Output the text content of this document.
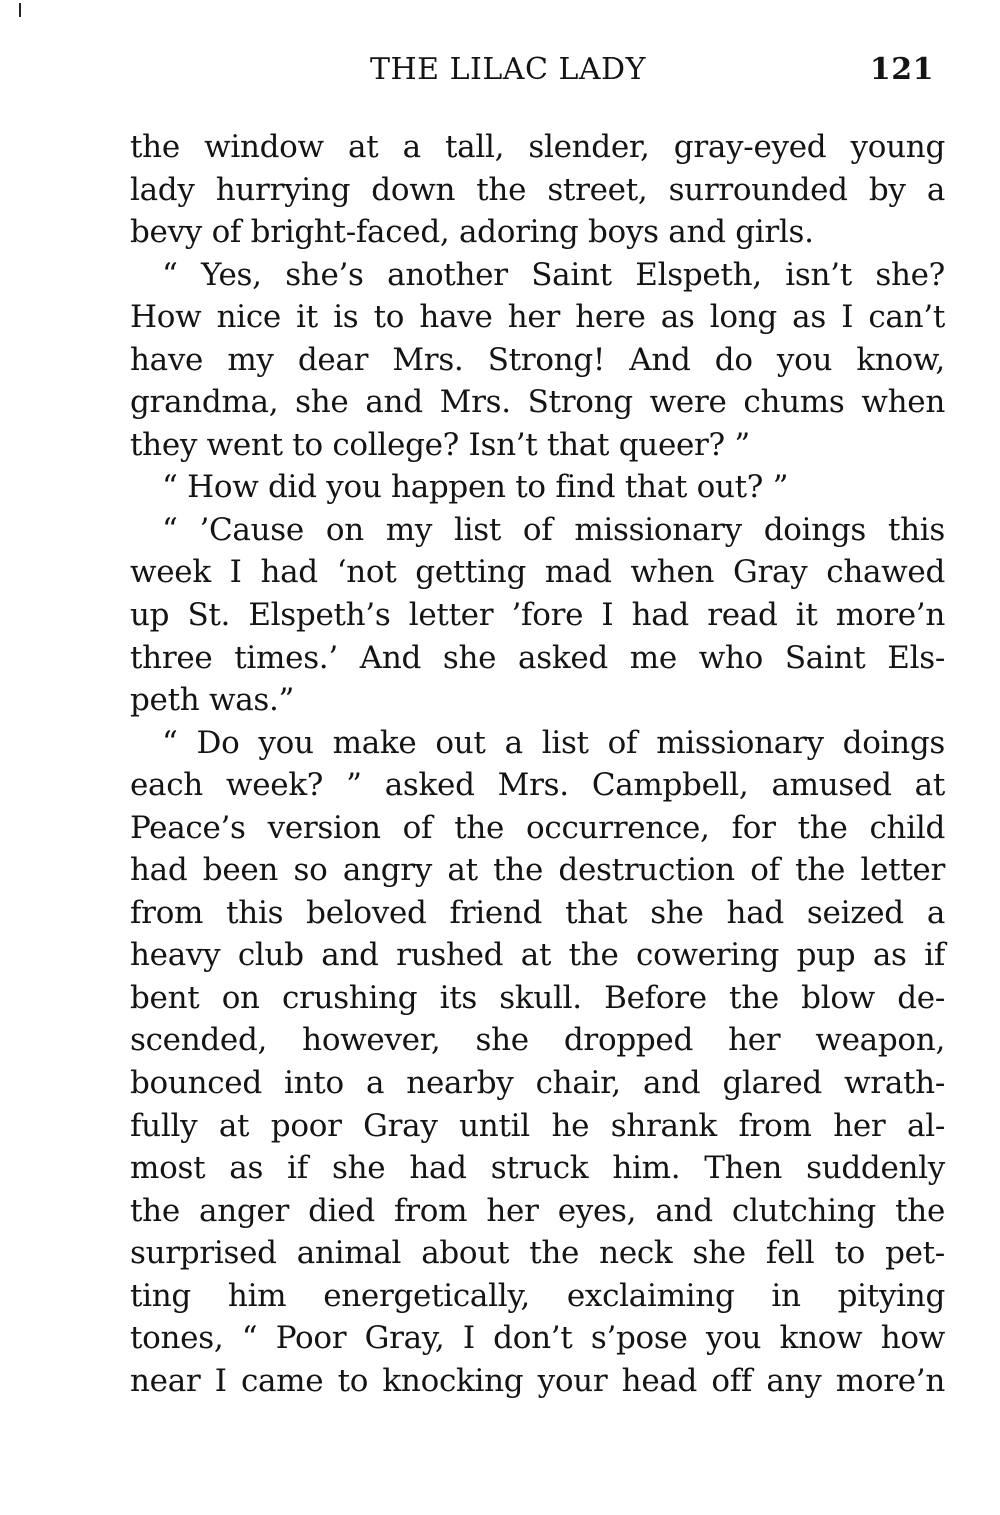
THE LILAC LADY	121
the window at a tall, slender, gray-eyed young
lady hurrying down the street, surrounded by a
bevy of bright-faced, adoring boys and girls.
“ Yes, she’s another Saint Elspeth, isn’t she?
How nice it is to have her here as long as I can’t
have my dear Mrs. Strong! And do you know,
grandma, she and Mrs. Strong were chums when
they went to college? Isn’t that queer? ”
“ How did you happen to find that out? ”
“ ’Cause on my list of missionary doings this
week I had ‘not getting mad when Gray chawed
up St. Elspeth’s letter ’fore I had read it more’n
three times.’ And she asked me who Saint Els-
peth was.”
“ Do you make out a list of missionary doings
each week? ” asked Mrs. Campbell, amused at
Peace’s version of the occurrence, for the child
had been so angry at the destruction of the letter
from this beloved friend that she had seized a
heavy club and rushed at the cowering pup as if
bent on crushing its skull. Before the blow de-
scended, however, she dropped her weapon,
bounced into a nearby chair, and glared wrath-
fully at poor Gray until he shrank from her al-
most as if she had struck him. Then suddenly
the anger died from her eyes, and clutching the
surprised animal about the neck she fell to pet-
ting him energetically, exclaiming in pitying
tones, “ Poor Gray, I don’t s’pose you know how
near I came to knocking your head off any more’n
